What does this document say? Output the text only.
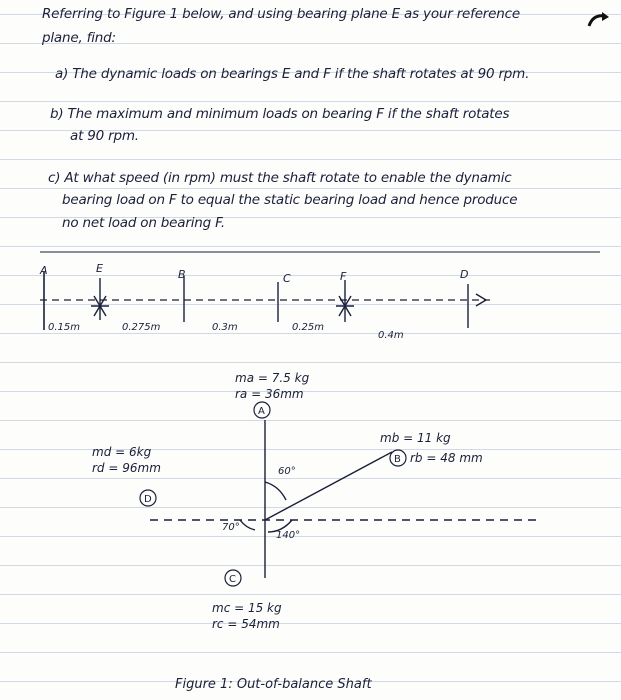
Referring to Figure 1 below, and using bearing plane E as your reference
plane, find:
a) The dynamic loads on bearings E and F if the shaft rotates at 90 rpm.
b) The maximum and minimum loads on bearing F if the shaft rotates
at 90 rpm.
c) At what speed (in rpm) must the shaft rotate to enable the dynamic
bearing load on F to equal the static bearing load and hence produce
no net load on bearing F.
A	E	B	C	F	D
0.15m	0.275m	0.3m	0.25m
0.4m
A
ma = 7.5 kg
ra = 36mm
B
mb = 11 kg
rb = 48 mm
D
md = 6kg
rd = 96mm
C
mc = 15 kg
rc = 54mm
60°
70°
140°
Figure 1: Out-of-balance Shaft
